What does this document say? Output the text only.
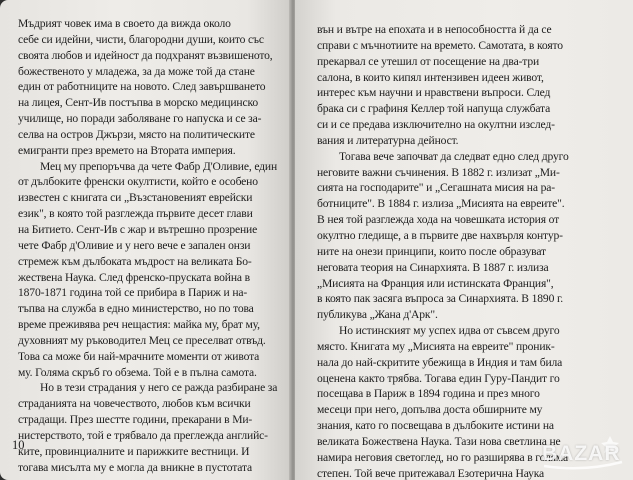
Мъдрият човек има в своето да вижда около
себе си идейни, чисти, благородни души, които със
своята любов и идейност да подхранят възвишеното,
божественото у младежа, за да може той да стане
един от работниците на новото. След завършването
на лицея, Сент-Ив постъпва в морско медицинско
училище, но поради заболяване го напуска и се за-
селва на остров Джързи, място на политическите
емигранти през времето на Втората империя.
Мец му препоръчва да чете Фабр Д'Оливие, един
от дълбоките френски окултисти, който е особено
известен с книгата си „Възстановеният еврейски
език", в която той разглежда първите десет глави
на Битието. Сент-Ив с жар и вътрешно прозрение
чете Фабр д'Оливие и у него вече е запален онзи
стремеж към дълбоката мъдрост на великата Бо-
жествена Наука. След френско-пруската война в
1870-1871 година той се прибира в Париж и на-
тъпва на служба в едно министерство, но по това
време преживява реч нещастия: майка му, брат му,
духовният му ръководител Мец се преселват отвъд.
Това са може би най-мрачните моменти от живота
му. Голяма скръб го обзема. Той е в пълна самота.
Но в тези страдания у него се ражда разбиране за
страданията на човечеството, любов към всички
страдащи. През шестте години, прекарани в Ми-
нистерството, той е трябвало да преглежда английс-
ките, провинциалните и парижките вестници. И
тогава мисълта му е могла да вникне в пустотата
10
вън и вътре на епохата и в непособността й да се
справи с мъчнотиите на времето. Самотата, в която
прекарвал се утешил от посещение на два-три
салона, в които кипял интензивен идеен живот,
интерес към научни и нравствени въпроси. След
брака си с графиня Келлер той напуща службата
си и се предава изключително на окултни изслед-
вания и литературна дейност.
Тогава вече започват да следват едно след друго
неговите важни съчинения. В 1882 г. излизат „Ми-
сията на господарите" и „Сегашната мисия на ра-
ботниците". В 1884 г. излиза „Мисията на евреите".
В нея той разглежда хода на човешката история от
окултно гледище, а в първите две нахвърля контур-
ните на онези принципи, които после образуват
неговата теория на Синархията. В 1887 г. излиза
„Мисията на Франция или истинската Франция",
в която пак засяга въпроса за Синархията. В 1890 г.
публикува „Жана д'Арк".
Но истинският му успех идва от съвсем друго
място. Книгата му „Мисията на евреите" проник-
нала до най-скритите убежища в Индия и там била
оценена както трябва. Тогава един Гуру-Пандит го
посещава в Париж в 1894 година и през много
месеци при него, допълва доста обширните му
знания, като го посвещава в дълбоките истини на
великата Божествена Наука. Тази нова светлина не
намира неговия светоглед, но го разширява в голяма
степен. Той вече притежавал Езотерична Наука
BAZAR
